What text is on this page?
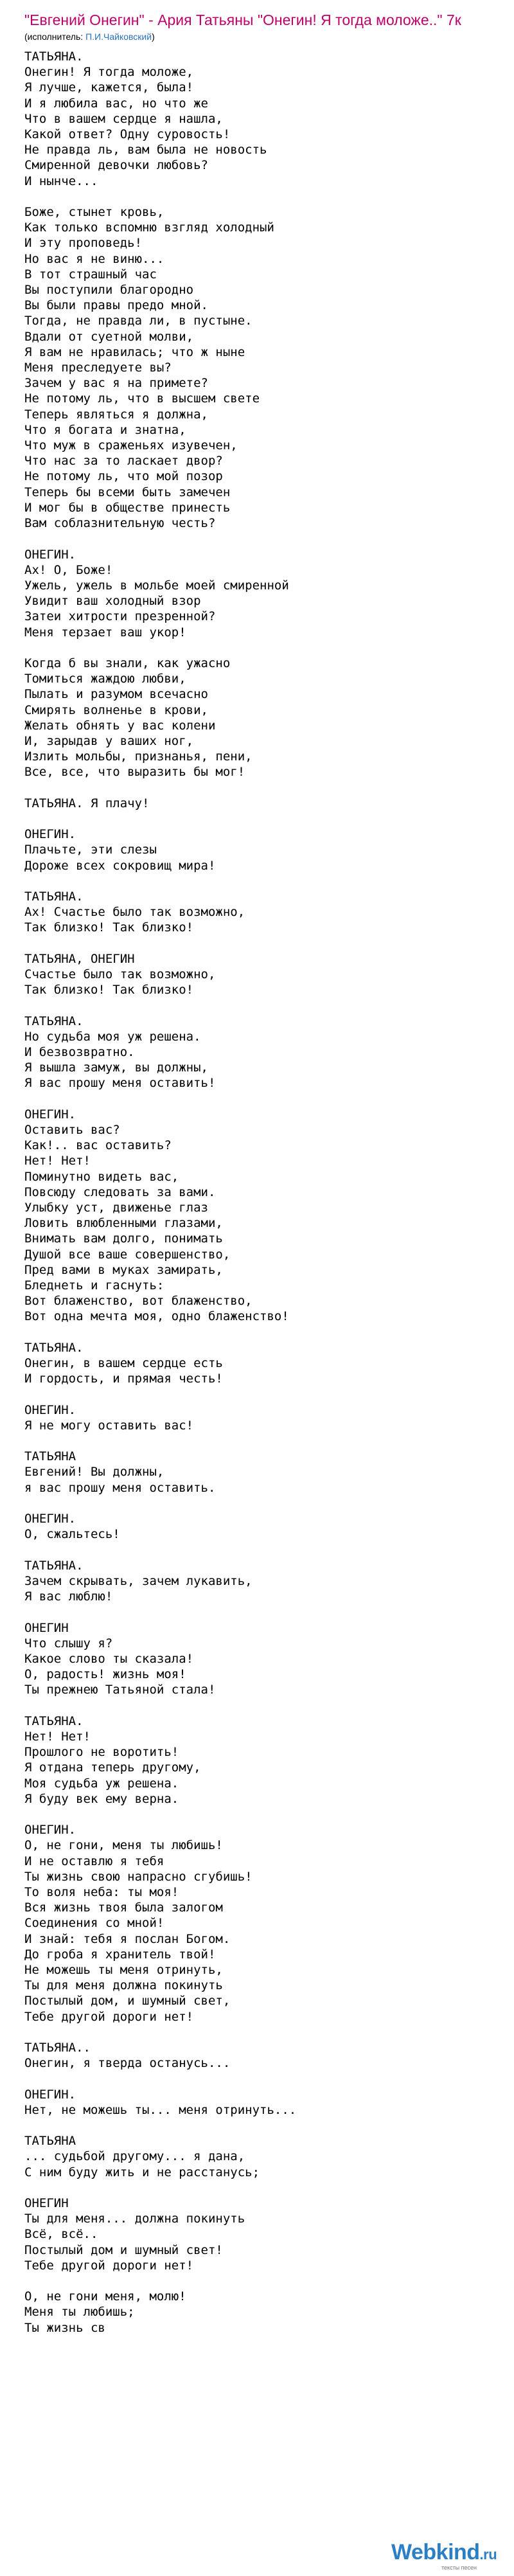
"Евгений Онегин" - Ария Татьяны "Онегин! Я тогда моложе.." 7к
(исполнитель: П.И.Чайковский)
ТАТЬЯНА.
Онегин! Я тогда моложе,
Я лучше, кажется, была!
И я любила вас, но что же
Что в вашем сердце я нашла,
Какой ответ? Одну суровость!
Не правда ль, вам была не новость
Смиренной девочки любовь?
И нынче...

Боже, стынет кровь,
Как только вспомню взгляд холодный
И эту проповедь!
Но вас я не виню...
В тот страшный час
Вы поступили благородно
Вы были правы предо мной.
Тогда, не правда ли, в пустыне.
Вдали от суетной молви,
Я вам не нравилась; что ж ныне
Меня преследуете вы?
Зачем у вас я на примете?
Не потому ль, что в высшем свете
Теперь являться я должна,
Что я богата и знатна,
Что муж в сраженьях изувечен,
Что нас за то ласкает двор?
Не потому ль, что мой позор
Теперь бы всеми быть замечен
И мог бы в обществе принесть
Вам соблазнительную честь?

ОНЕГИН.
Ах! О, Боже!
Ужель, ужель в мольбе моей смиренной
Увидит ваш холодный взор
Затеи хитрости презренной?
Меня терзает ваш укор!

Когда б вы знали, как ужасно
Томиться жаждою любви,
Пылать и разумом всечасно
Смирять волненье в крови,
Желать обнять у вас колени
И, зарыдав у ваших ног,
Излить мольбы, признанья, пени,
Все, все, что выразить бы мог!

ТАТЬЯНА. Я плачу!

ОНЕГИН.
Плачьте, эти слезы
Дороже всех сокровищ мира!

ТАТЬЯНА.
Ах! Счастье было так возможно,
Так близко! Так близко!

ТАТЬЯНА, ОНЕГИН
Счастье было так возможно,
Так близко! Так близко!

ТАТЬЯНА.
Но судьба моя уж решена.
И безвозвратно.
Я вышла замуж, вы должны,
Я вас прошу меня оставить!

ОНЕГИН.
Оставить вас?
Как!.. вас оставить?
Нет! Нет!
Поминутно видеть вас,
Повсюду следовать за вами.
Улыбку уст, движенье глаз
Ловить влюбленными глазами,
Внимать вам долго, понимать
Душой все ваше совершенство,
Пред вами в муках замирать,
Бледнеть и гаснуть:
Вот блаженство, вот блаженство,
Вот одна мечта моя, одно блаженство!

ТАТЬЯНА.
Онегин, в вашем сердце есть
И гордость, и прямая честь!

ОНЕГИН.
Я не могу оставить вас!

ТАТЬЯНА
Евгений! Вы должны,
я вас прошу меня оставить.

ОНЕГИН.
О, сжальтесь!

ТАТЬЯНА.
Зачем скрывать, зачем лукавить,
Я вас люблю!

ОНЕГИН
Что слышу я?
Какое слово ты сказала!
О, радость! жизнь моя!
Ты прежнею Татьяной стала!

ТАТЬЯНА.
Нет! Нет!
Прошлого не воротить!
Я отдана теперь другому,
Моя судьба уж решена.
Я буду век ему верна.

ОНЕГИН.
О, не гони, меня ты любишь!
И не оставлю я тебя
Ты жизнь свою напрасно сгубишь!
То воля неба: ты моя!
Вся жизнь твоя была залогом
Соединения со мной!
И знай: тебя я послан Богом.
До гроба я хранитель твой!
Не можешь ты меня отринуть,
Ты для меня должна покинуть
Постылый дом, и шумный свет,
Тебе другой дороги нет!

ТАТЬЯНА..
Онегин, я тверда останусь...

ОНЕГИН.
Нет, не можешь ты... меня отринуть...

ТАТЬЯНА
... судьбой другому... я дана,
С ним буду жить и не расстанусь;

ОНЕГИН
Ты для меня... должна покинуть
Всё, всё..
Постылый дом и шумный свет!
Тебе другой дороги нет!

О, не гони меня, молю!
Меня ты любишь;
Ты жизнь св
Webkind.ru
тексты песен
